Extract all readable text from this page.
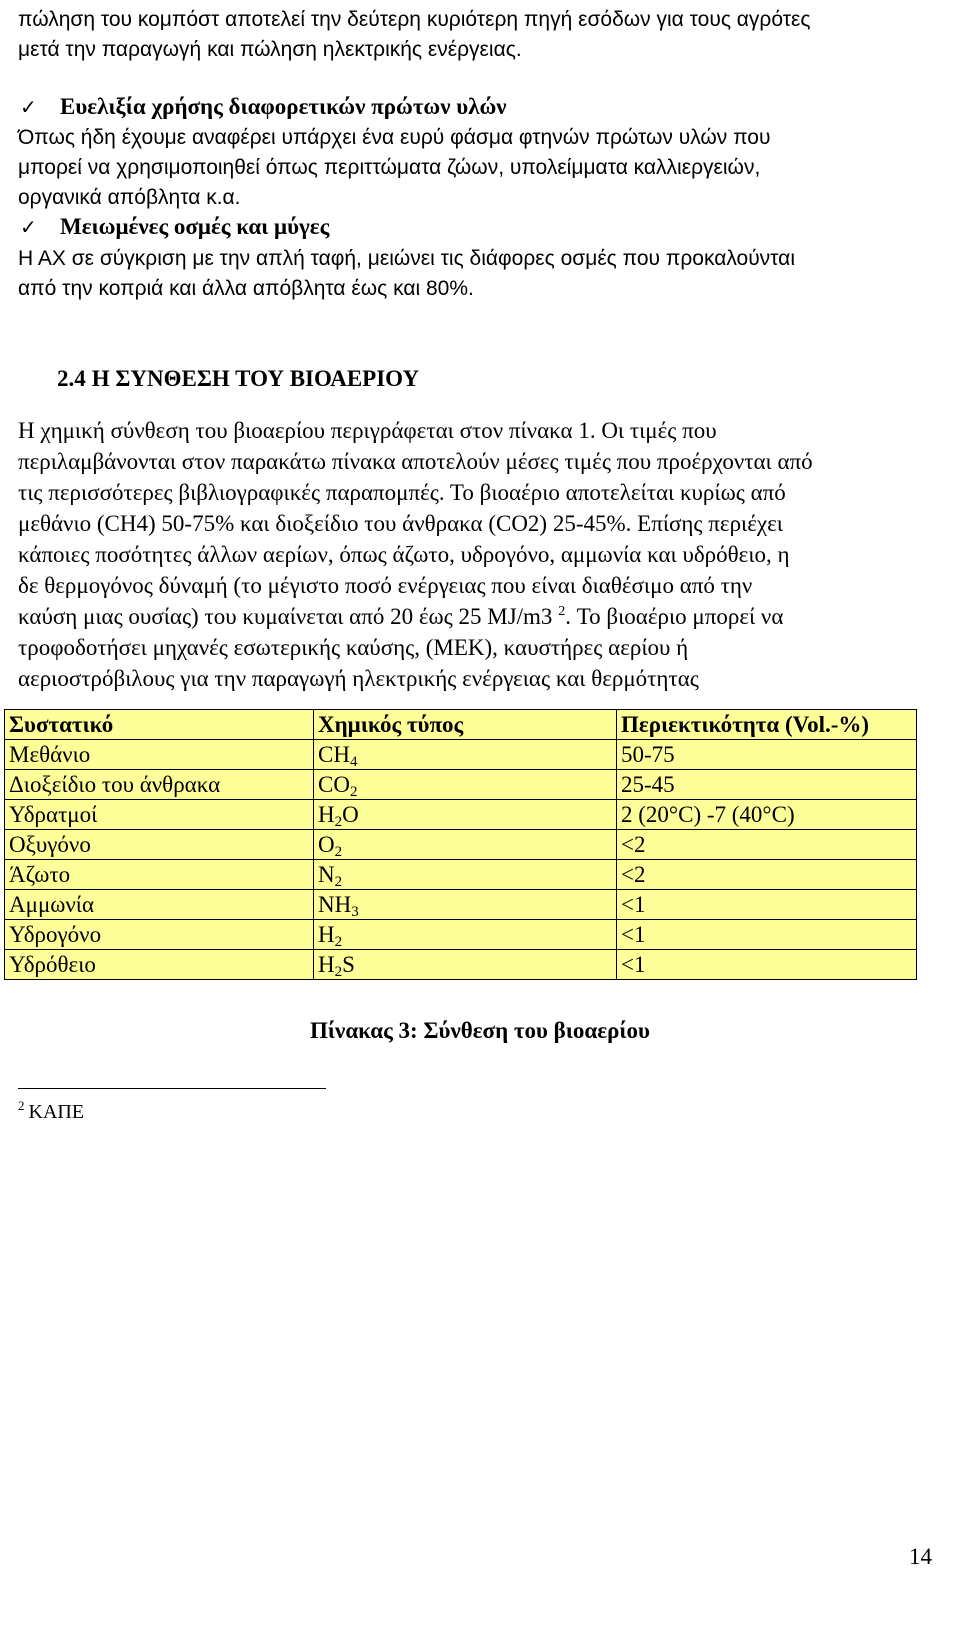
πώληση του κομπόστ αποτελεί την δεύτερη κυριότερη πηγή εσόδων για τους αγρότες

μετά την παραγωγή και πώληση ηλεκτρικής ενέργειας.

✓	Ευελιξία χρήσης διαφορετικών πρώτων υλών

Όπως ήδη έχουμε αναφέρει υπάρχει ένα ευρύ φάσμα φτηνών πρώτων υλών που

μπορεί να χρησιμοποιηθεί όπως περιττώματα ζώων, υπολείμματα καλλιεργειών,

οργανικά απόβλητα κ.α.

✓	Μειωμένες οσμές και μύγες

Η ΑΧ σε σύγκριση με την απλή ταφή, μειώνει τις διάφορες οσμές που προκαλούνται

από την κοπριά και άλλα απόβλητα έως και 80%.

2.4 Η ΣΥΝΘΕΣΗ ΤΟΥ ΒΙΟΑΕΡΙΟΥ

Η χημική σύνθεση του βιοαερίου περιγράφεται στον πίνακα 1. Οι τιμές που

περιλαμβάνονται στον παρακάτω πίνακα αποτελούν μέσες τιμές που προέρχονται από

τις περισσότερες βιβλιογραφικές παραπομπές. Το βιοαέριο αποτελείται κυρίως από

μεθάνιο (CH4) 50-75% και διοξείδιο του άνθρακα (CO2) 25-45%. Επίσης περιέχει

κάποιες ποσότητες άλλων αερίων, όπως άζωτο, υδρογόνο, αμμωνία και υδρόθειο, η

δε θερμογόνος δύναμή (το μέγιστο ποσό ενέργειας που είναι διαθέσιμο από την

καύση μιας ουσίας) του κυμαίνεται από 20 έως 25 MJ/m3 $^2$. Το βιοαέριο μπορεί να

τροφοδοτήσει μηχανές εσωτερικής καύσης, (ΜΕΚ), καυστήρες αερίου ή

αεριοστρόβιλους για την παραγωγή ηλεκτρικής ενέργειας και θερμότητας

Συστατικό	Χημικός τύπος	Περιεκτικότητα (Vol.-%)
Μεθάνιο	$CH_4$	50-75
Διοξείδιο του άνθρακα	$CO_2$	25-45
Υδρατμοί	$H_2O$	2 (20°C) -7 (40°C)
Οξυγόνο	$O_2$	<2
Άζωτο	$N_2$	<2
Αμμωνία	$NH_3$	<1
Υδρογόνο	$H_2$	<1
Υδρόθειο	$H_2S$	<1
Πίνακας 3: Σύνθεση του βιοαερίου
$^2$ ΚΑΠΕ
14
